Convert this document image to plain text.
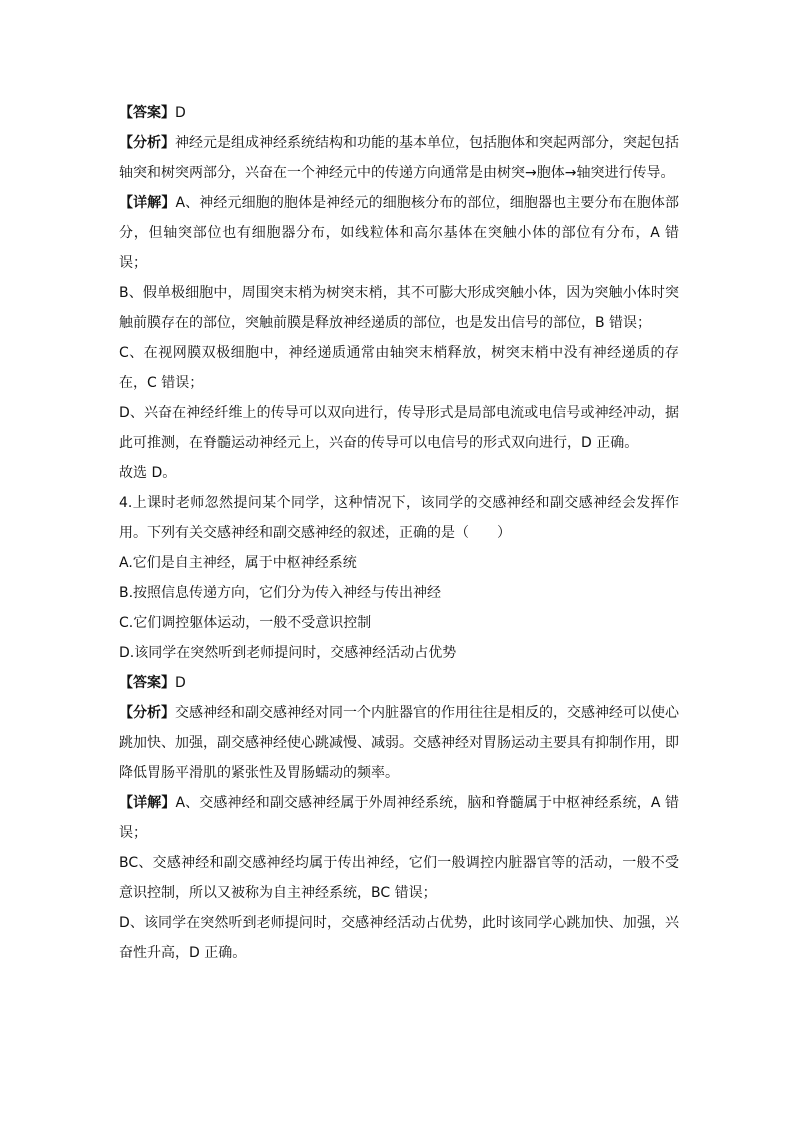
【答案】D

【分析】神经元是组成神经系统结构和功能的基本单位，包括胞体和突起两部分，突起包括轴突和树突两部分，兴奋在一个神经元中的传递方向通常是由树突→胞体→轴突进行传导。

【详解】A、神经元细胞的胞体是神经元的细胞核分布的部位，细胞器也主要分布在胞体部分，但轴突部位也有细胞器分布，如线粒体和高尔基体在突触小体的部位有分布，A 错误；

B、假单极细胞中，周围突末梢为树突末梢，其不可膨大形成突触小体，因为突触小体时突触前膜存在的部位，突触前膜是释放神经递质的部位，也是发出信号的部位，B 错误；

C、在视网膜双极细胞中，神经递质通常由轴突末梢释放，树突末梢中没有神经递质的存在，C 错误；

D、兴奋在神经纤维上的传导可以双向进行，传导形式是局部电流或电信号或神经冲动，据此可推测，在脊髓运动神经元上，兴奋的传导可以电信号的形式双向进行，D 正确。

故选 D。

4.上课时老师忽然提问某个同学，这种情况下，该同学的交感神经和副交感神经会发挥作用。下列有关交感神经和副交感神经的叙述，正确的是（　　）

A.它们是自主神经，属于中枢神经系统

B.按照信息传递方向，它们分为传入神经与传出神经

C.它们调控躯体运动，一般不受意识控制

D.该同学在突然听到老师提问时，交感神经活动占优势

【答案】D

【分析】交感神经和副交感神经对同一个内脏器官的作用往往是相反的，交感神经可以使心跳加快、加强，副交感神经使心跳减慢、减弱。交感神经对胃肠运动主要具有抑制作用，即降低胃肠平滑肌的紧张性及胃肠蠕动的频率。

【详解】A、交感神经和副交感神经属于外周神经系统，脑和脊髓属于中枢神经系统，A 错误；

BC、交感神经和副交感神经均属于传出神经，它们一般调控内脏器官等的活动，一般不受意识控制，所以又被称为自主神经系统，BC 错误；

D、该同学在突然听到老师提问时，交感神经活动占优势，此时该同学心跳加快、加强，兴奋性升高，D 正确。
